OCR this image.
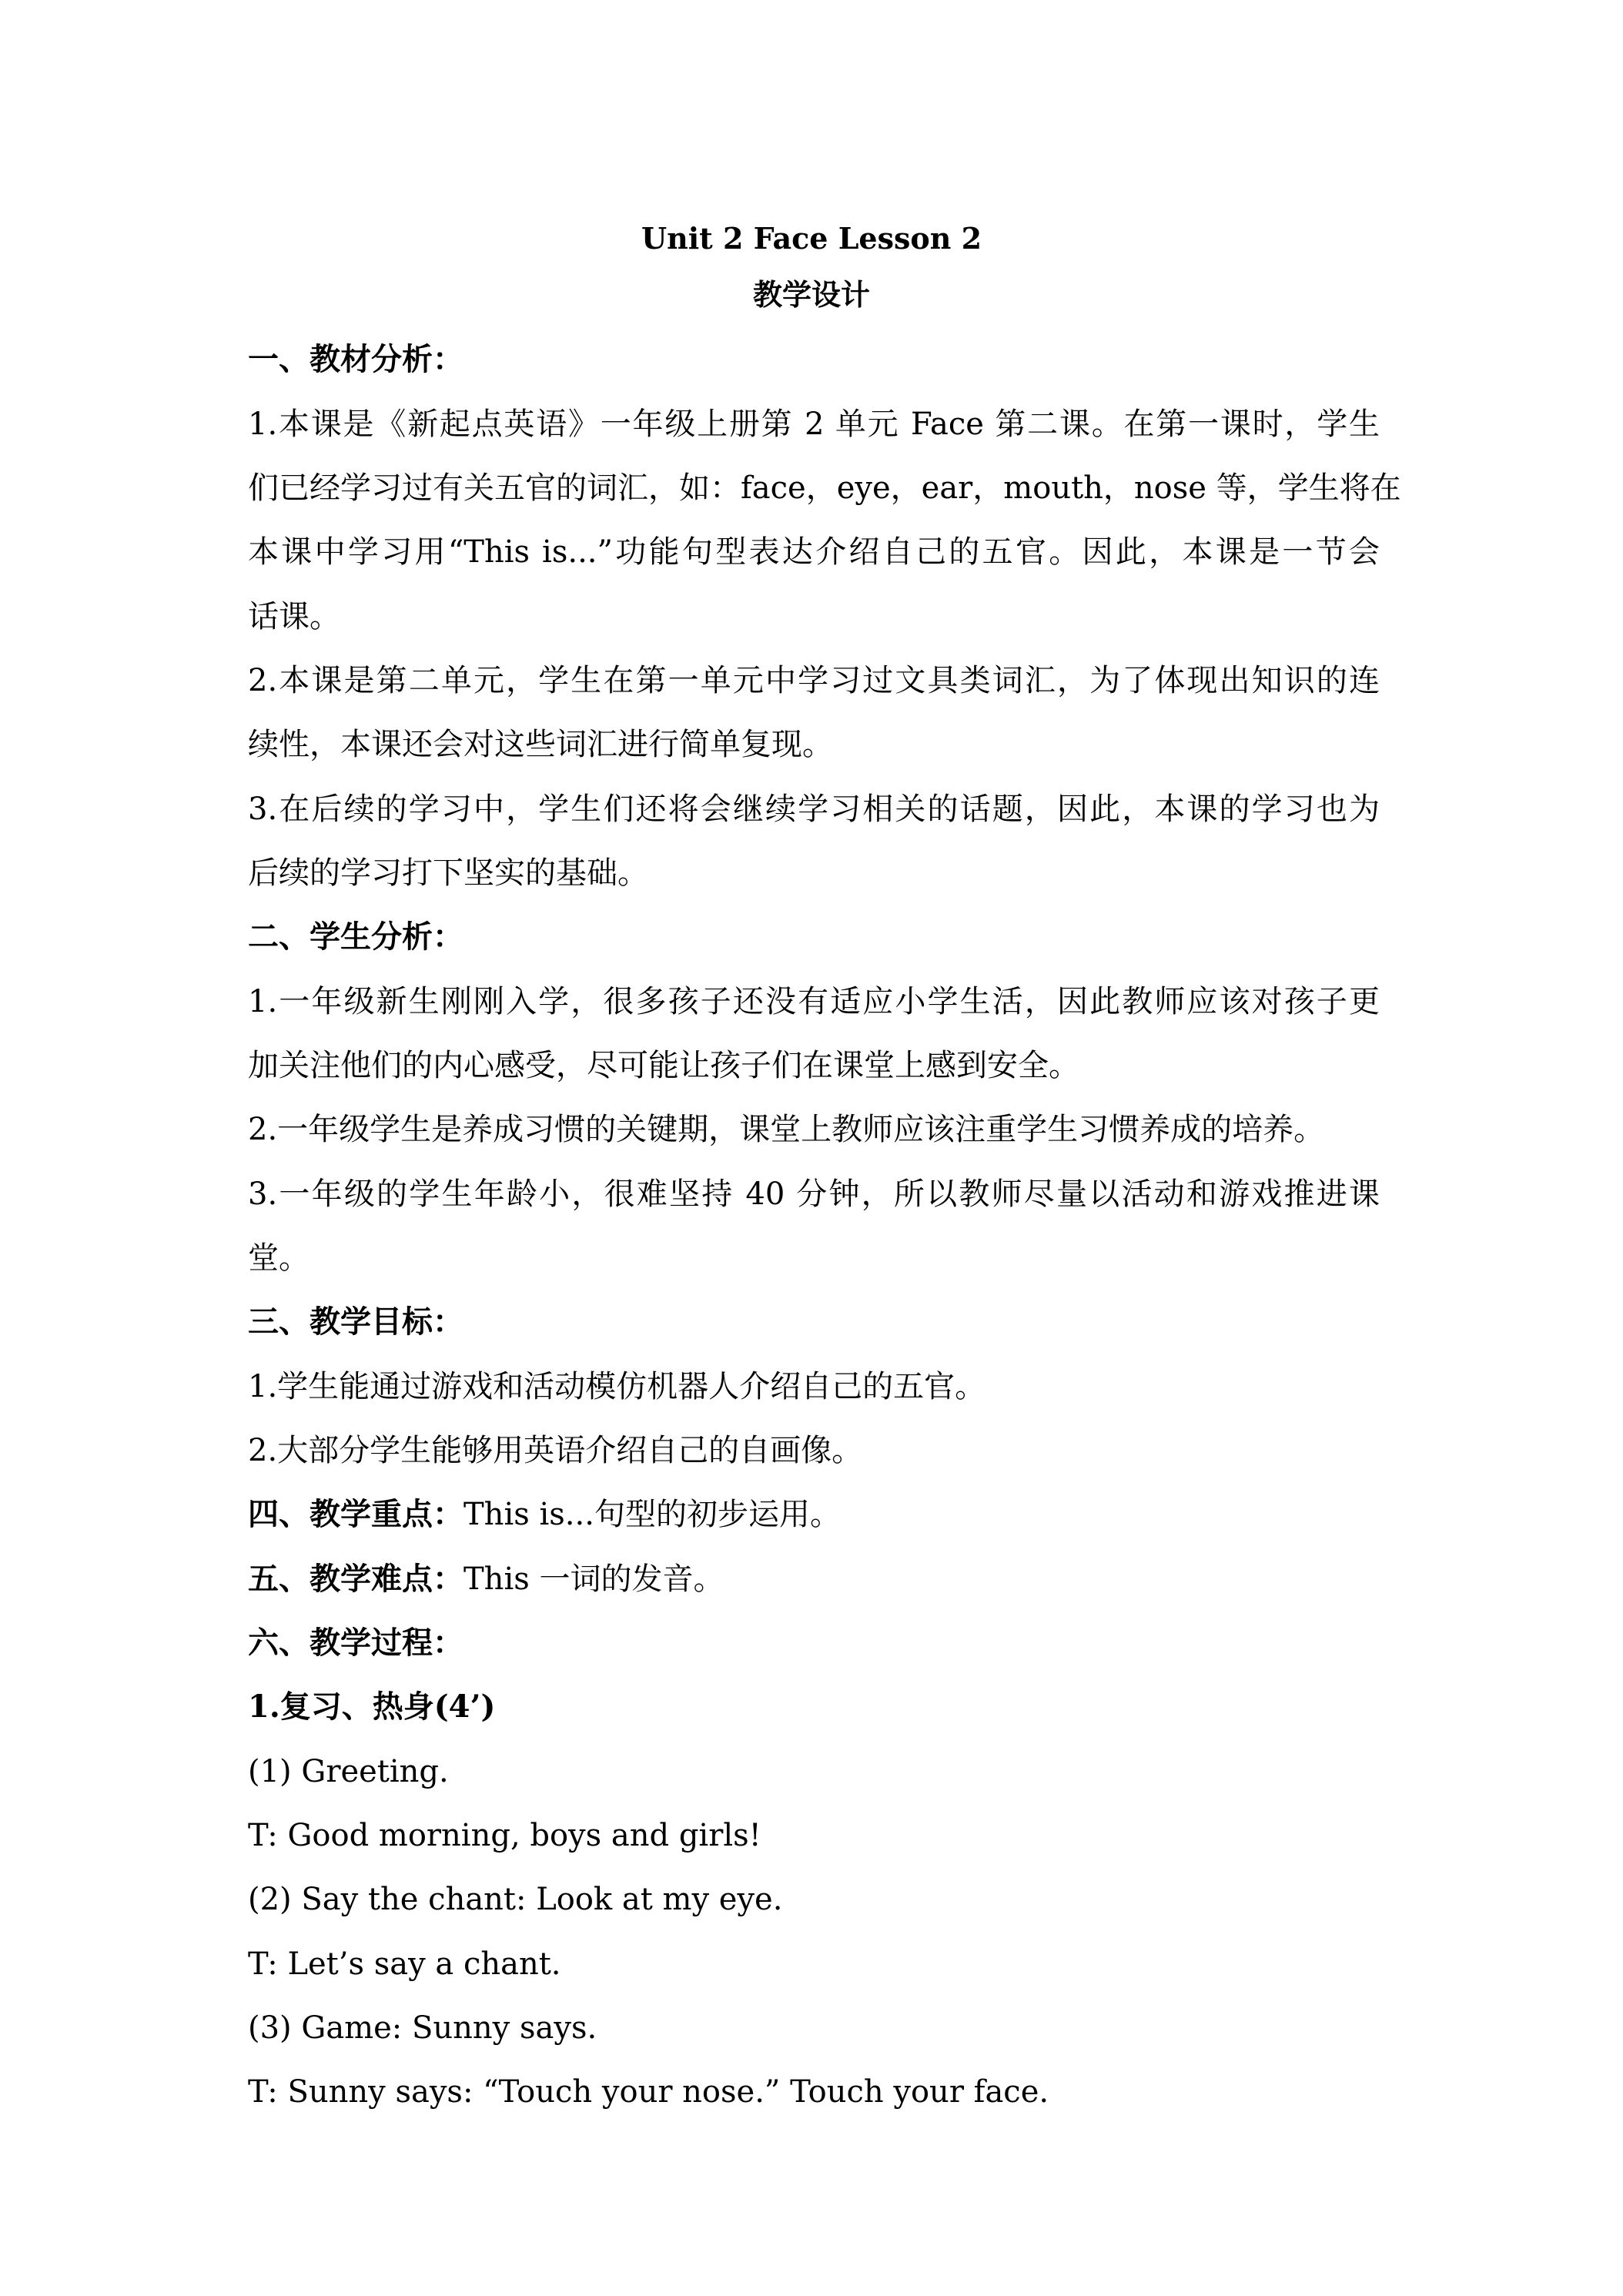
Unit 2 Face Lesson 2
教学设计
一、教材分析：
1.本课是《新起点英语》一年级上册第 2 单元 Face 第二课。在第一课时，学生
们已经学习过有关五官的词汇，如：face，eye，ear，mouth，nose 等，学生将在
本课中学习用“This is...”功能句型表达介绍自己的五官。因此，本课是一节会
话课。
2.本课是第二单元，学生在第一单元中学习过文具类词汇，为了体现出知识的连
续性，本课还会对这些词汇进行简单复现。
3.在后续的学习中，学生们还将会继续学习相关的话题，因此，本课的学习也为
后续的学习打下坚实的基础。
二、学生分析：
1.一年级新生刚刚入学，很多孩子还没有适应小学生活，因此教师应该对孩子更
加关注他们的内心感受，尽可能让孩子们在课堂上感到安全。
2.一年级学生是养成习惯的关键期，课堂上教师应该注重学生习惯养成的培养。
3.一年级的学生年龄小，很难坚持 40 分钟，所以教师尽量以活动和游戏推进课
堂。
三、教学目标：
1.学生能通过游戏和活动模仿机器人介绍自己的五官。
2.大部分学生能够用英语介绍自己的自画像。
四、教学重点：This is...句型的初步运用。
五、教学难点：This 一词的发音。
六、教学过程：
1.复习、热身(4’)
(1) Greeting.
T: Good morning, boys and girls!
(2) Say the chant: Look at my eye.
T: Let’s say a chant.
(3) Game: Sunny says.
T: Sunny says: “Touch your nose.” Touch your face.
